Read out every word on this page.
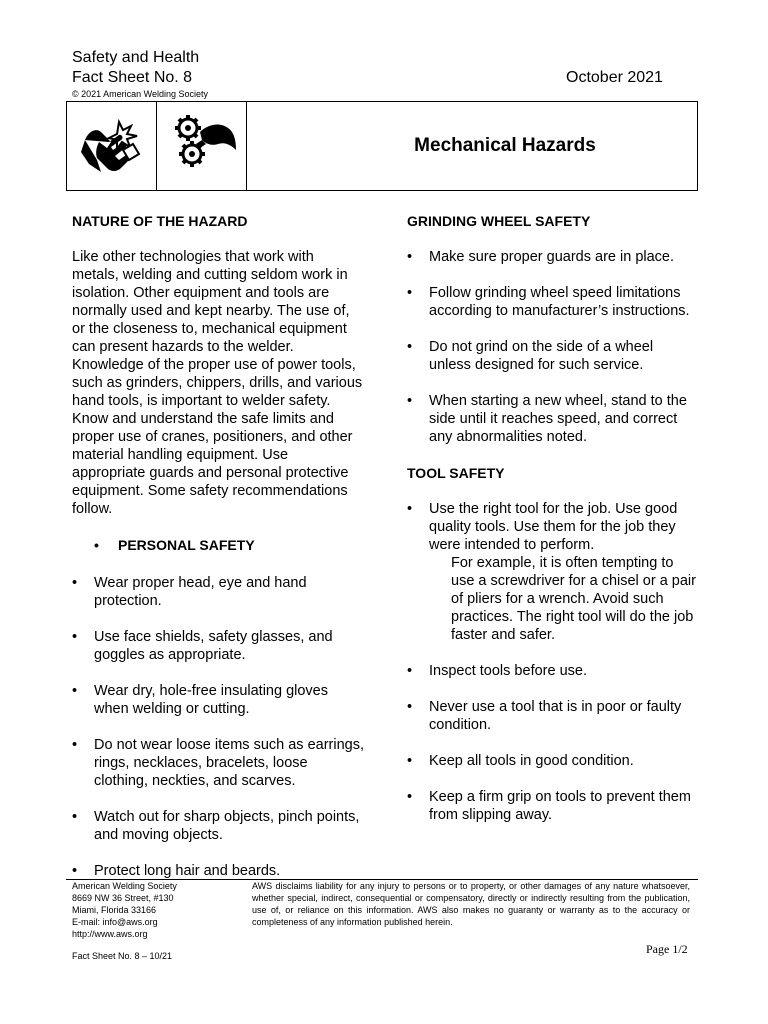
Safety and Health
Fact Sheet No. 8	October 2021
© 2021 American Welding Society
Mechanical Hazards
NATURE OF THE HAZARD
Like other technologies that work with metals, welding and cutting seldom work in isolation. Other equipment and tools are normally used and kept nearby. The use of, or the closeness to, mechanical equipment can present hazards to the welder. Knowledge of the proper use of power tools, such as grinders, chippers, drills, and various hand tools, is important to welder safety. Know and understand the safe limits and proper use of cranes, positioners, and other material handling equipment. Use appropriate guards and personal protective equipment. Some safety recommendations follow.
• PERSONAL SAFETY
• Wear proper head, eye and hand protection.
• Use face shields, safety glasses, and goggles as appropriate.
• Wear dry, hole-free insulating gloves when welding or cutting.
• Do not wear loose items such as earrings, rings, necklaces, bracelets, loose clothing, neckties, and scarves.
• Watch out for sharp objects, pinch points, and moving objects.
• Protect long hair and beards.
GRINDING WHEEL SAFETY
• Make sure proper guards are in place.
• Follow grinding wheel speed limitations according to manufacturer’s instructions.
• Do not grind on the side of a wheel unless designed for such service.
• When starting a new wheel, stand to the side until it reaches speed, and correct any abnormalities noted.
TOOL SAFETY
• Use the right tool for the job. Use good quality tools. Use them for the job they were intended to perform.
For example, it is often tempting to use a screwdriver for a chisel or a pair of pliers for a wrench. Avoid such practices. The right tool will do the job faster and safer.
• Inspect tools before use.
• Never use a tool that is in poor or faulty condition.
• Keep all tools in good condition.
• Keep a firm grip on tools to prevent them from slipping away.
American Welding Society
8669 NW 36 Street, #130
Miami, Florida 33166
E-mail: info@aws.org
http://www.aws.org
AWS disclaims liability for any injury to persons or to property, or other damages of any nature whatsoever, whether special, indirect, consequential or compensatory, directly or indirectly resulting from the publication, use of, or reliance on this information. AWS also makes no guaranty or warranty as to the accuracy or completeness of any information published herein.
Fact Sheet No. 8 – 10/21	Page 1/2
